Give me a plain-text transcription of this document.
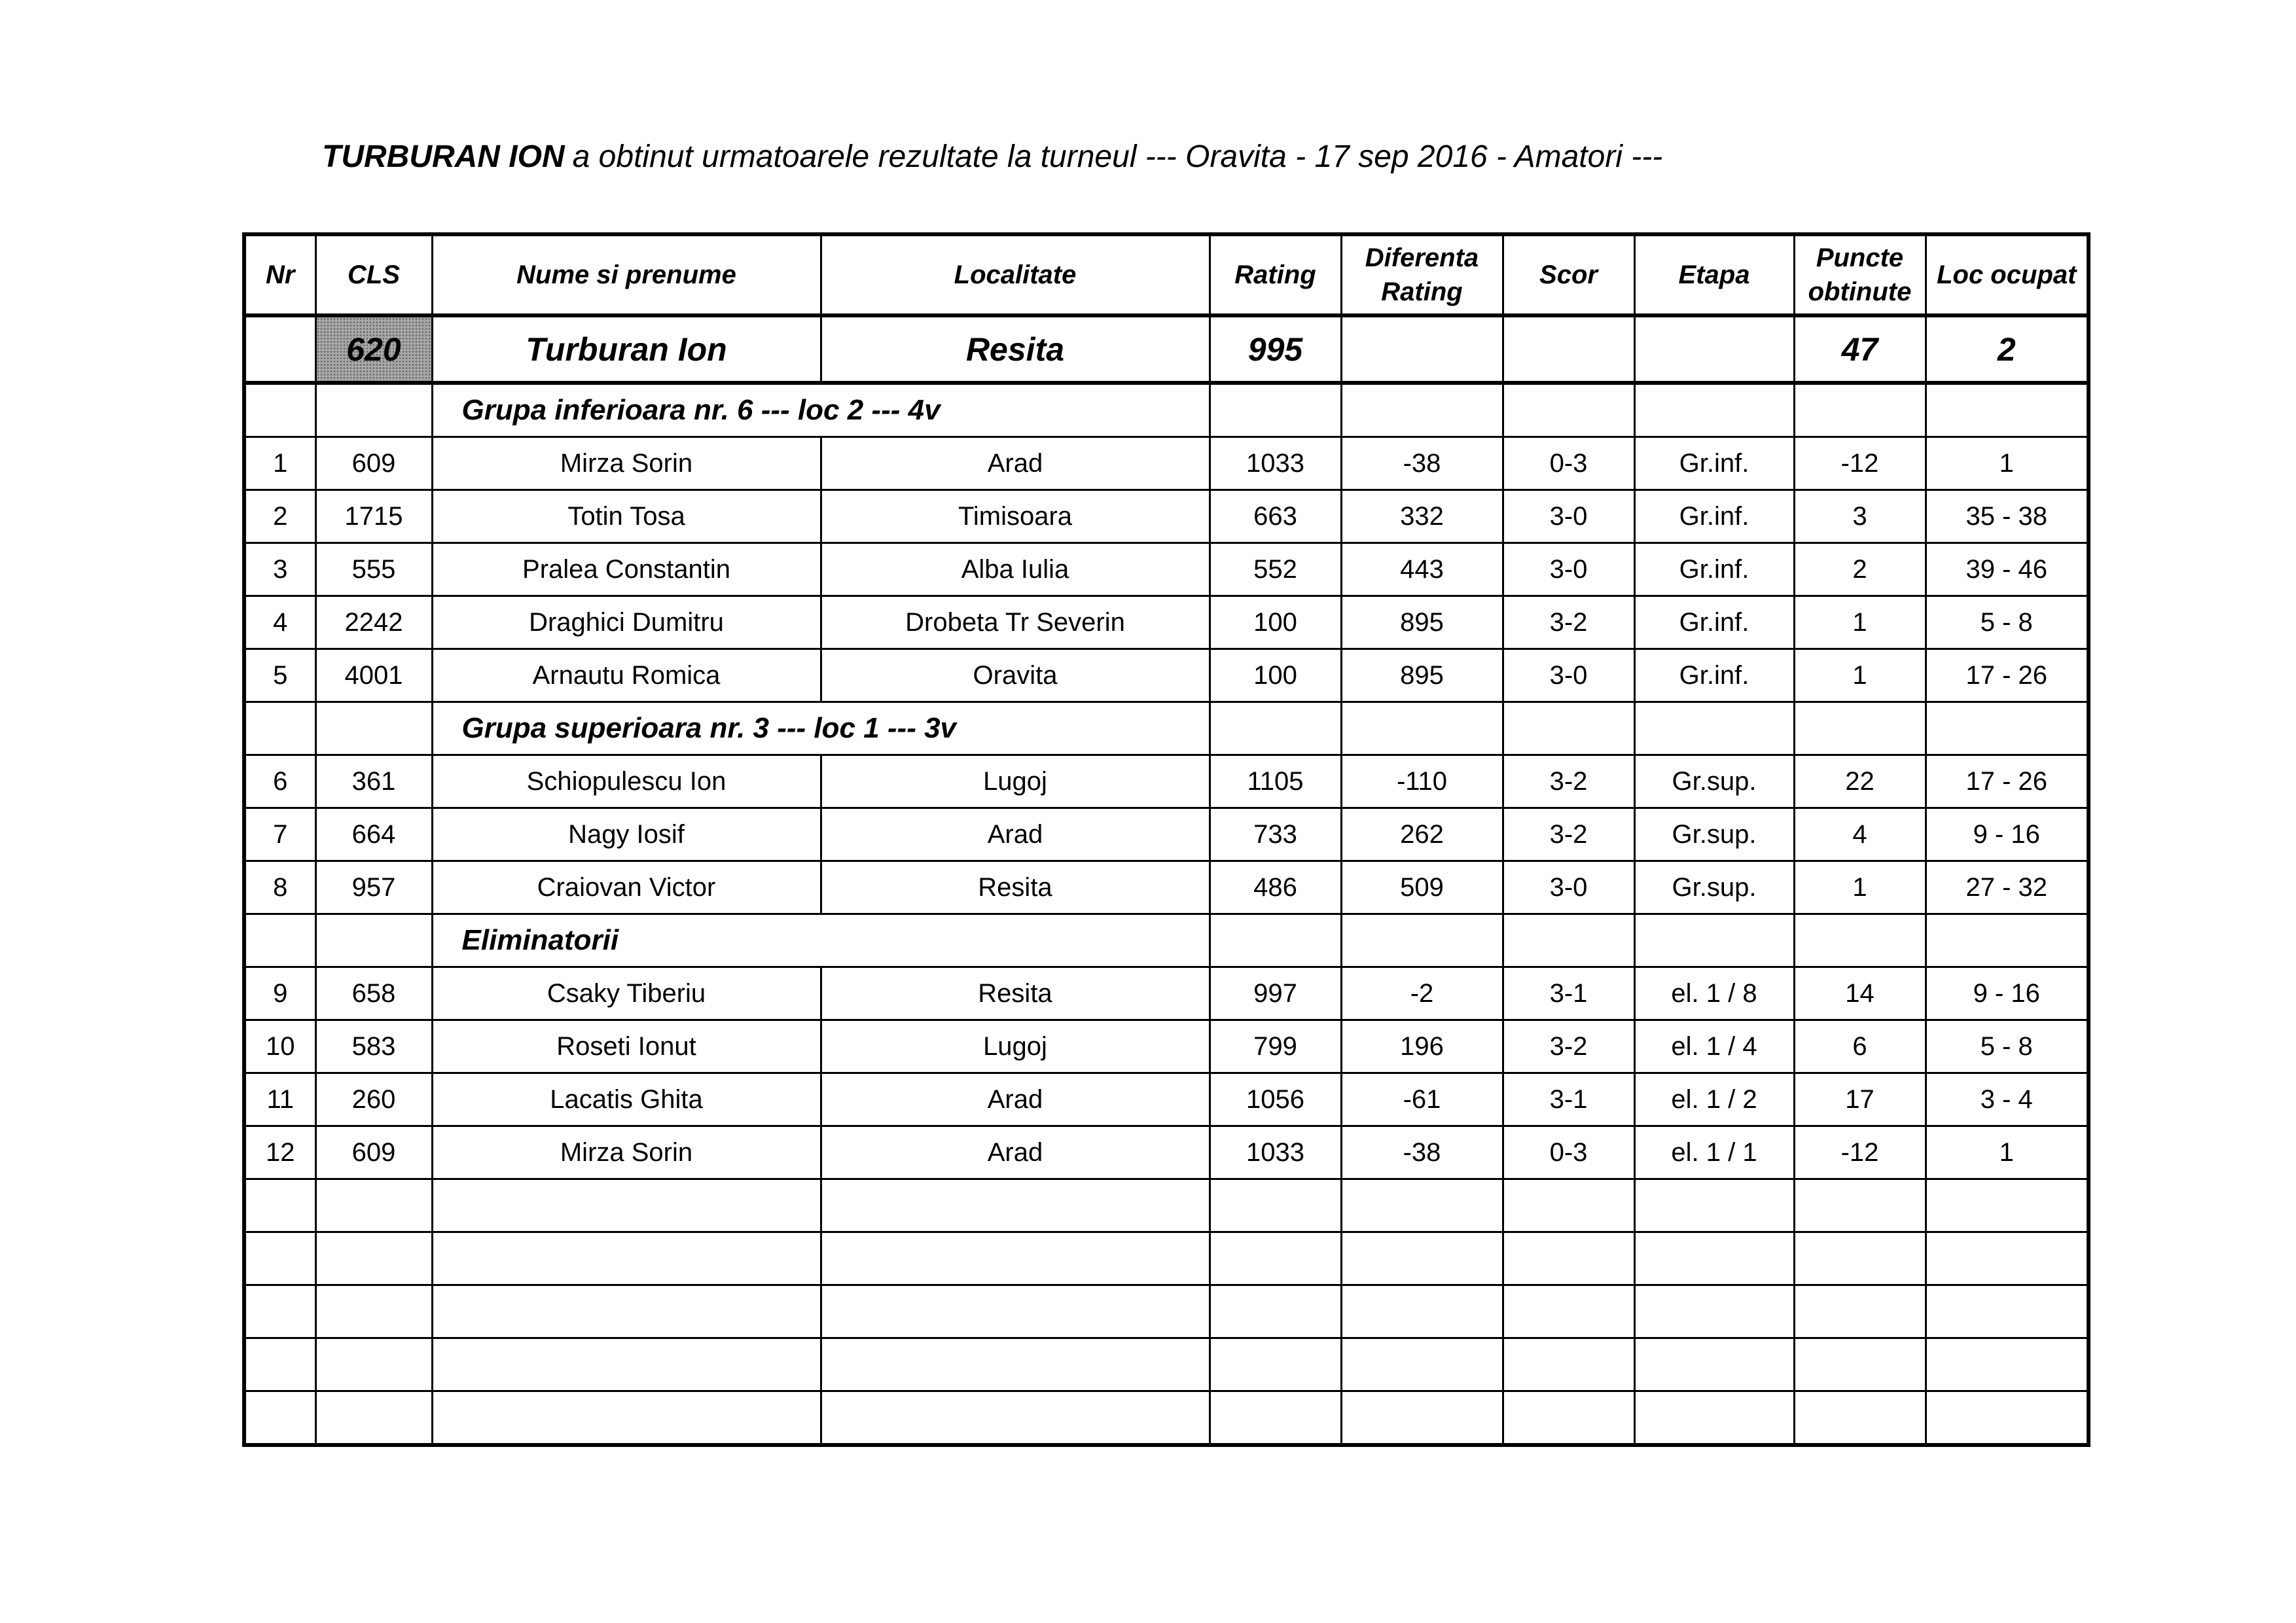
TURBURAN ION a obtinut urmatoarele rezultate la turneul --- Oravita - 17 sep 2016 - Amatori ---
Nr	CLS	Nume si prenume	Localitate	Rating	Diferenta Rating	Scor	Etapa	Puncte obtinute	Loc ocupat
	620	Turburan Ion	Resita	995				47	2
		Grupa inferioara nr. 6 --- loc 2 --- 4v							
1	609	Mirza Sorin	Arad	1033	-38	0-3	Gr.inf.	-12	1
2	1715	Totin Tosa	Timisoara	663	332	3-0	Gr.inf.	3	35 - 38
3	555	Pralea Constantin	Alba Iulia	552	443	3-0	Gr.inf.	2	39 - 46
4	2242	Draghici Dumitru	Drobeta Tr Severin	100	895	3-2	Gr.inf.	1	5 - 8
5	4001	Arnautu Romica	Oravita	100	895	3-0	Gr.inf.	1	17 - 26
		Grupa superioara nr. 3 --- loc 1 --- 3v							
6	361	Schiopulescu Ion	Lugoj	1105	-110	3-2	Gr.sup.	22	17 - 26
7	664	Nagy Iosif	Arad	733	262	3-2	Gr.sup.	4	9 - 16
8	957	Craiovan Victor	Resita	486	509	3-0	Gr.sup.	1	27 - 32
		Eliminatorii							
9	658	Csaky Tiberiu	Resita	997	-2	3-1	el. 1 / 8	14	9 - 16
10	583	Roseti Ionut	Lugoj	799	196	3-2	el. 1 / 4	6	5 - 8
11	260	Lacatis Ghita	Arad	1056	-61	3-1	el. 1 / 2	17	3 - 4
12	609	Mirza Sorin	Arad	1033	-38	0-3	el. 1 / 1	-12	1
